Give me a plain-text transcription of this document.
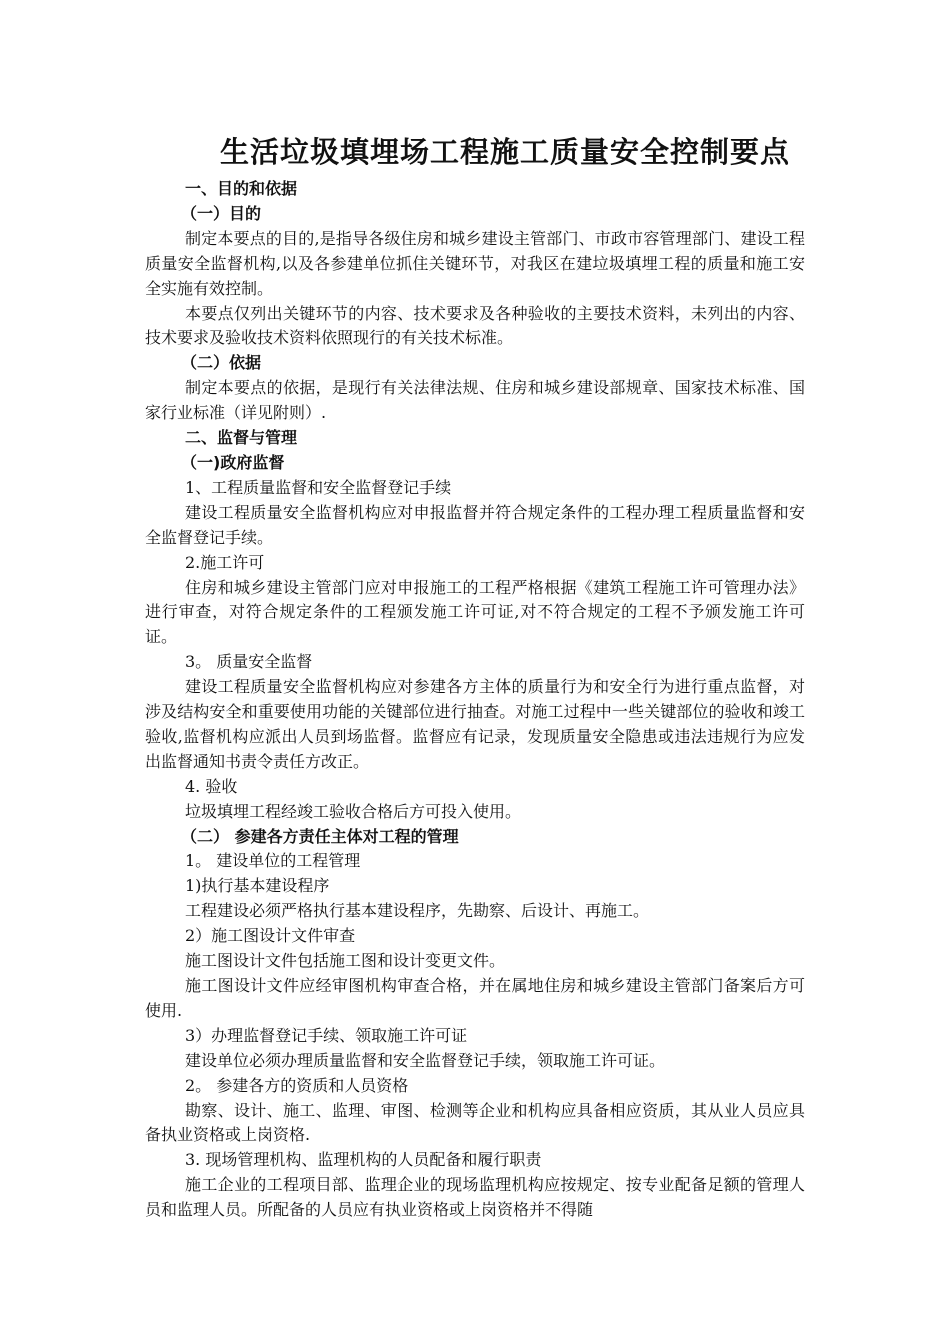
生活垃圾填埋场工程施工质量安全控制要点

一、目的和依据

（一）目的

制定本要点的目的,是指导各级住房和城乡建设主管部门、市政市容管理部门、建设工程质量安全监督机构,以及各参建单位抓住关键环节，对我区在建垃圾填埋工程的质量和施工安全实施有效控制。

本要点仅列出关键环节的内容、技术要求及各种验收的主要技术资料，未列出的内容、技术要求及验收技术资料依照现行的有关技术标准。

（二）依据

制定本要点的依据，是现行有关法律法规、住房和城乡建设部规章、国家技术标准、国家行业标准（详见附则）.

二、监督与管理

（一)政府监督

1、工程质量监督和安全监督登记手续

建设工程质量安全监督机构应对申报监督并符合规定条件的工程办理工程质量监督和安全监督登记手续。

2.施工许可

住房和城乡建设主管部门应对申报施工的工程严格根据《建筑工程施工许可管理办法》进行审查，对符合规定条件的工程颁发施工许可证,对不符合规定的工程不予颁发施工许可证。

3。 质量安全监督

建设工程质量安全监督机构应对参建各方主体的质量行为和安全行为进行重点监督，对涉及结构安全和重要使用功能的关键部位进行抽查。对施工过程中一些关键部位的验收和竣工验收,监督机构应派出人员到场监督。监督应有记录，发现质量安全隐患或违法违规行为应发出监督通知书责令责任方改正。

4. 验收

垃圾填埋工程经竣工验收合格后方可投入使用。

（二） 参建各方责任主体对工程的管理

1。 建设单位的工程管理

1)执行基本建设程序

工程建设必须严格执行基本建设程序，先勘察、后设计、再施工。

2）施工图设计文件审查

施工图设计文件包括施工图和设计变更文件。

施工图设计文件应经审图机构审查合格，并在属地住房和城乡建设主管部门备案后方可使用.

3）办理监督登记手续、领取施工许可证

建设单位必须办理质量监督和安全监督登记手续，领取施工许可证。

2。 参建各方的资质和人员资格

勘察、设计、施工、监理、审图、检测等企业和机构应具备相应资质，其从业人员应具备执业资格或上岗资格.

3. 现场管理机构、监理机构的人员配备和履行职责

施工企业的工程项目部、监理企业的现场监理机构应按规定、按专业配备足额的管理人员和监理人员。所配备的人员应有执业资格或上岗资格并不得随
